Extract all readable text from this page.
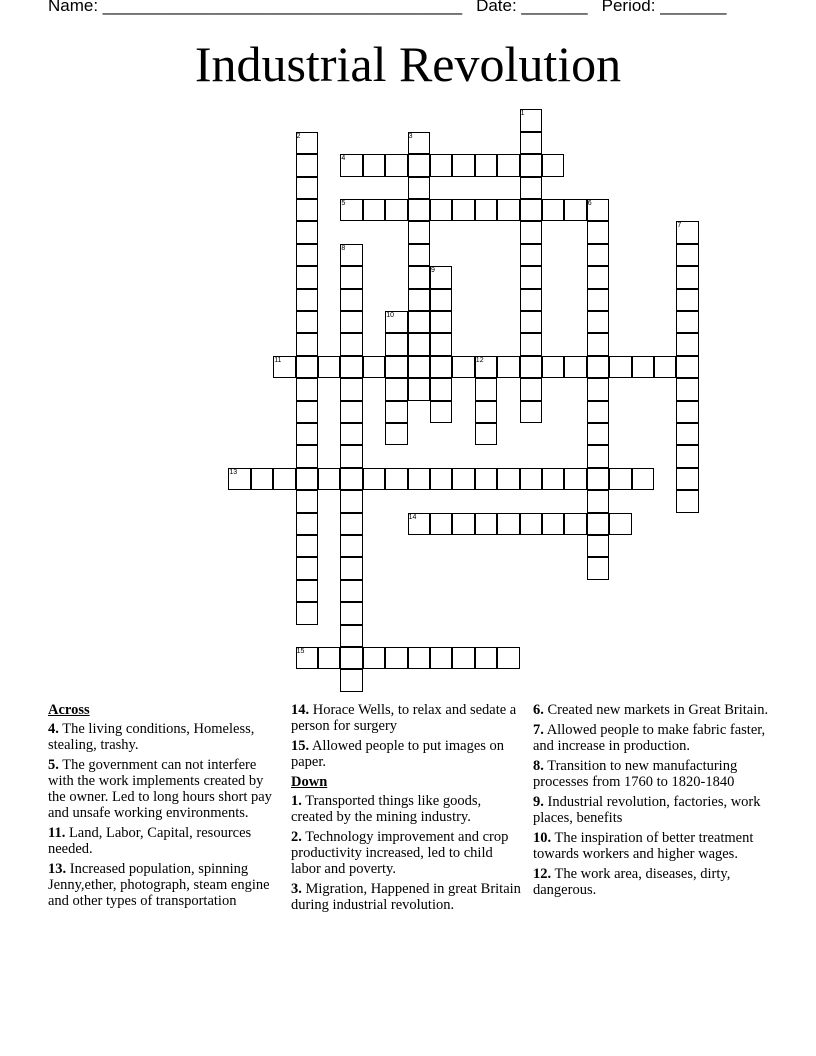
Name: ______________________________________ Date: _______ Period: _______
Industrial Revolution
1
2	3
4
5	6
7
8
9
10
11	12
13
14
15
Across
4. The living conditions, Homeless, stealing, trashy.
5. The government can not interfere with the work implements created by the owner. Led to long hours short pay and unsafe working environments.
11. Land, Labor, Capital, resources needed.
13. Increased population, spinning Jenny,ether, photograph, steam engine and other types of transportation
14. Horace Wells, to relax and sedate a person for surgery
15. Allowed people to put images on paper.
Down
1. Transported things like goods, created by the mining industry.
2. Technology improvement and crop productivity increased, led to child labor and poverty.
3. Migration, Happened in great Britain during industrial revolution.
6. Created new markets in Great Britain.
7. Allowed people to make fabric faster, and increase in production.
8. Transition to new manufacturing processes from 1760 to 1820-1840
9. Industrial revolution, factories, work places, benefits
10. The inspiration of better treatment towards workers and higher wages.
12. The work area, diseases, dirty, dangerous.
